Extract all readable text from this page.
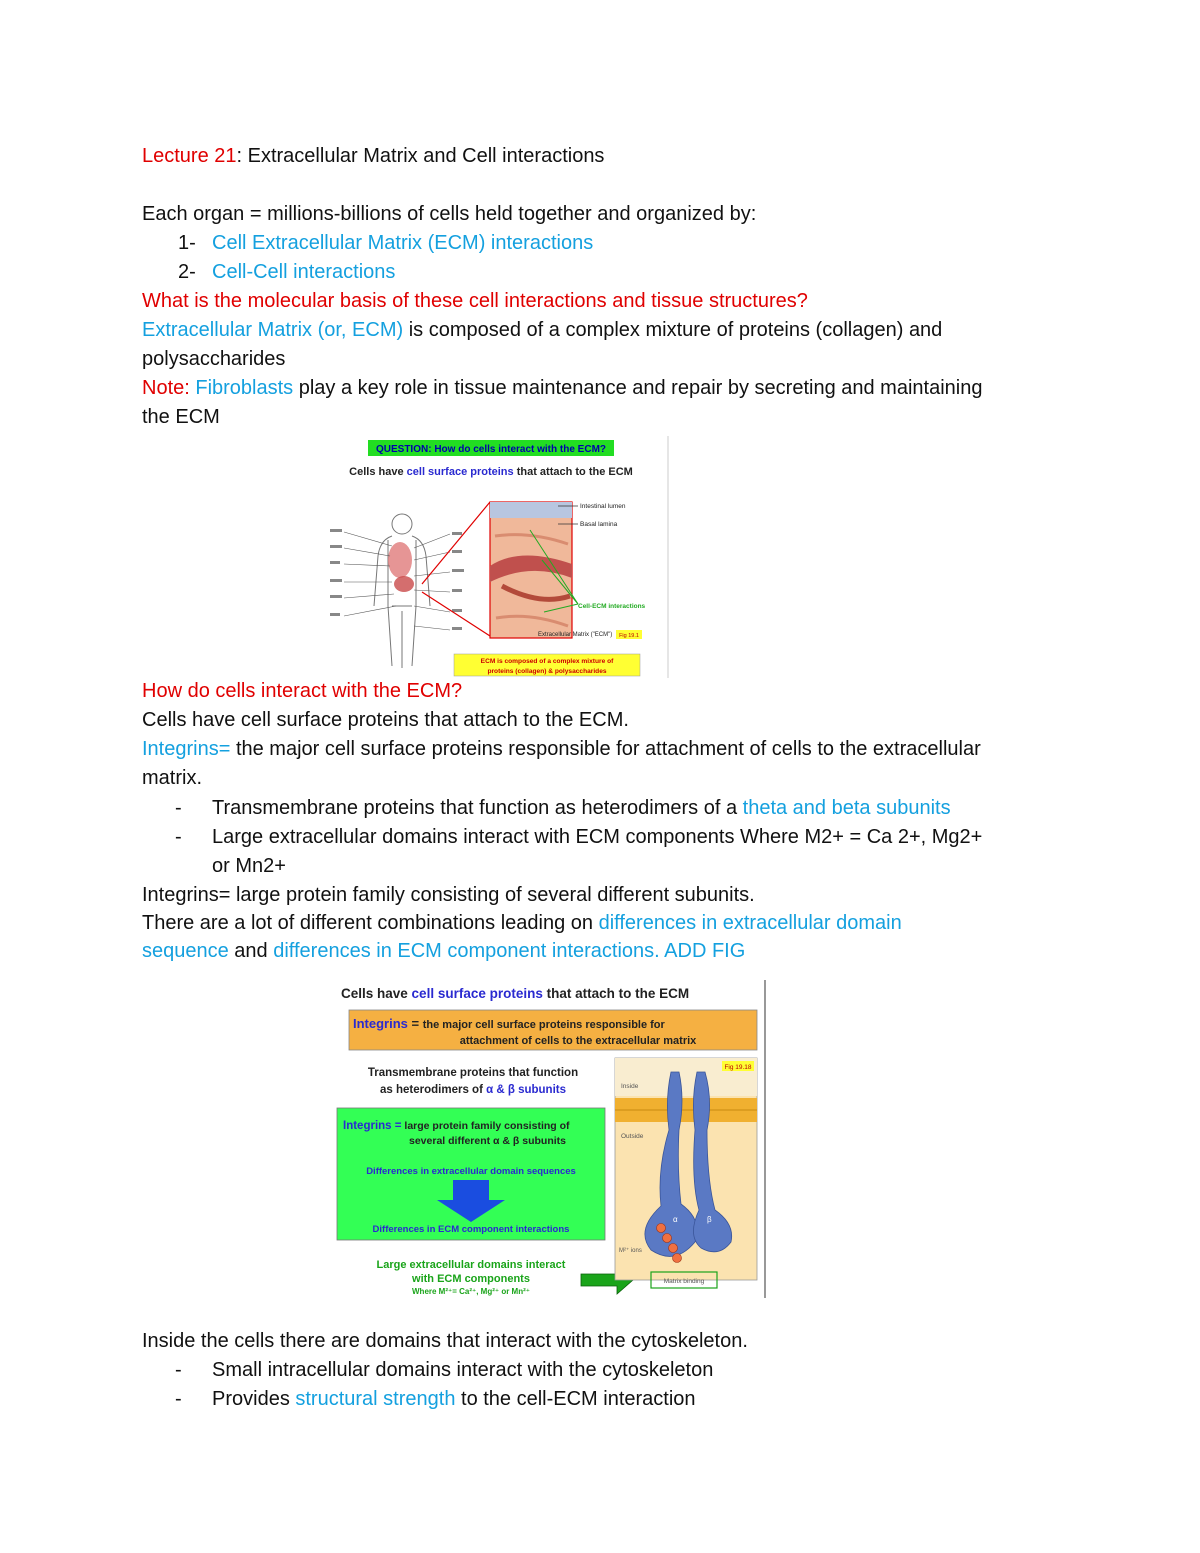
Lecture 21: Extracellular Matrix and Cell interactions
Each organ = millions-billions of cells held together and organized by:
1- Cell Extracellular Matrix (ECM) interactions
2- Cell-Cell interactions
What is the molecular basis of these cell interactions and tissue structures?
Extracellular Matrix (or, ECM) is composed of a complex mixture of proteins (collagen) and
polysaccharides
Note: Fibroblasts play a key role in tissue maintenance and repair by secreting and maintaining
the ECM
QUESTION: How do cells interact with the ECM?
Cells have cell surface proteins that attach to the ECM
Intestinal lumen
Basal lamina
Cell-ECM interactions
Extracellular Matrix ("ECM") Fig 19.1
ECM is composed of a complex mixture of
proteins (collagen) & polysaccharides
How do cells interact with the ECM?
Cells have cell surface proteins that attach to the ECM.
Integrins= the major cell surface proteins responsible for attachment of cells to the extracellular
matrix.
- Transmembrane proteins that function as heterodimers of a theta and beta subunits
- Large extracellular domains interact with ECM components Where M2+ = Ca 2+, Mg2+
or Mn2+
Integrins= large protein family consisting of several different subunits.
There are a lot of different combinations leading on differences in extracellular domain
sequence and differences in ECM component interactions. ADD FIG
Cells have cell surface proteins that attach to the ECM
Integrins = the major cell surface proteins responsible for
attachment of cells to the extracellular matrix
Transmembrane proteins that function
as heterodimers of α & β subunits
Integrins = large protein family consisting of
several different α & β subunits
Differences in extracellular domain sequences
Differences in ECM component interactions
Large extracellular domains interact
with ECM components
Where M²⁺= Ca²⁺, Mg²⁺ or Mn²⁺
Fig 19.18
Inside
Outside
α	β
M²⁺ ions
Matrix binding
Inside the cells there are domains that interact with the cytoskeleton.
- Small intracellular domains interact with the cytoskeleton
- Provides structural strength to the cell-ECM interaction
